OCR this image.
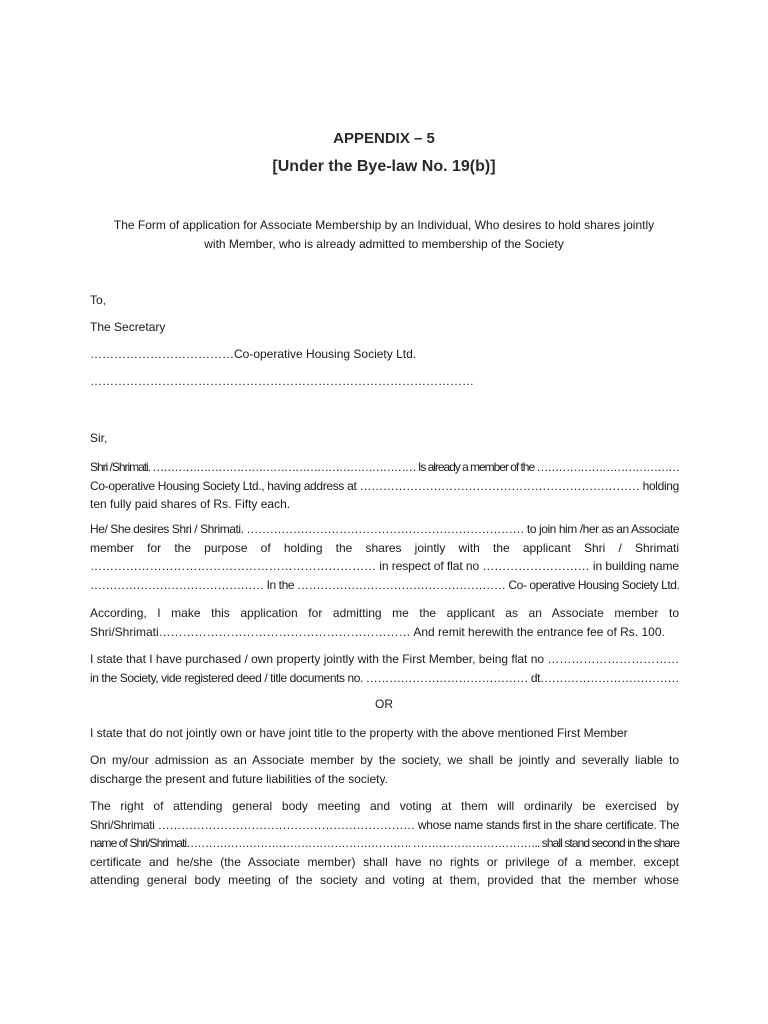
APPENDIX – 5
[Under the Bye-law No. 19(b)]
The Form of application for Associate Membership by an Individual, Who desires to hold shares jointly
with Member, who is already admitted to membership of the Society
To,
The Secretary
………………………………Co-operative Housing Society Ltd.
……………………………………………………………………………………
Sir,
Shri /Shrimati. ……………………………………………………………… Is already a member of the …………………………………
Co-operative Housing Society Ltd., having address at ……………………………………………………………… holding
ten fully paid shares of Rs. Fifty each.
He/ She desires Shri / Shrimati. ……………………………………………………………… to join him /her as an Associate
member for the purpose of holding the shares jointly with the applicant Shri / Shrimati
……………………………………………………………… in respect of flat no ……………………… in building name
……………………………………… In the ……………………………………………… Co- operative Housing Society Ltd.
According, I make this application for admitting me the applicant as an Associate member to
Shri/Shrimati……………………………………………………… And remit herewith the entrance fee of Rs. 100.
I state that I have purchased / own property jointly with the First Member, being flat no ……………………………
in the Society, vide registered deed / title documents no. …………………………………… dt………………………………
OR
I state that do not jointly own or have joint title to the property with the above mentioned First Member
On my/our admission as an Associate member by the society, we shall be jointly and severally liable to
discharge the present and future liabilities of the society.
The right of attending general body meeting and voting at them will ordinarily be exercised by
Shri/Shrimati ………………………………………………………… whose name stands first in the share certificate. The
name of Shri/Shrimati……………………………………………………. …………………………….. shall stand second in the share
certificate and he/she (the Associate member) shall have no rights or privilege of a member. except
attending general body meeting of the society and voting at them, provided that the member whose
